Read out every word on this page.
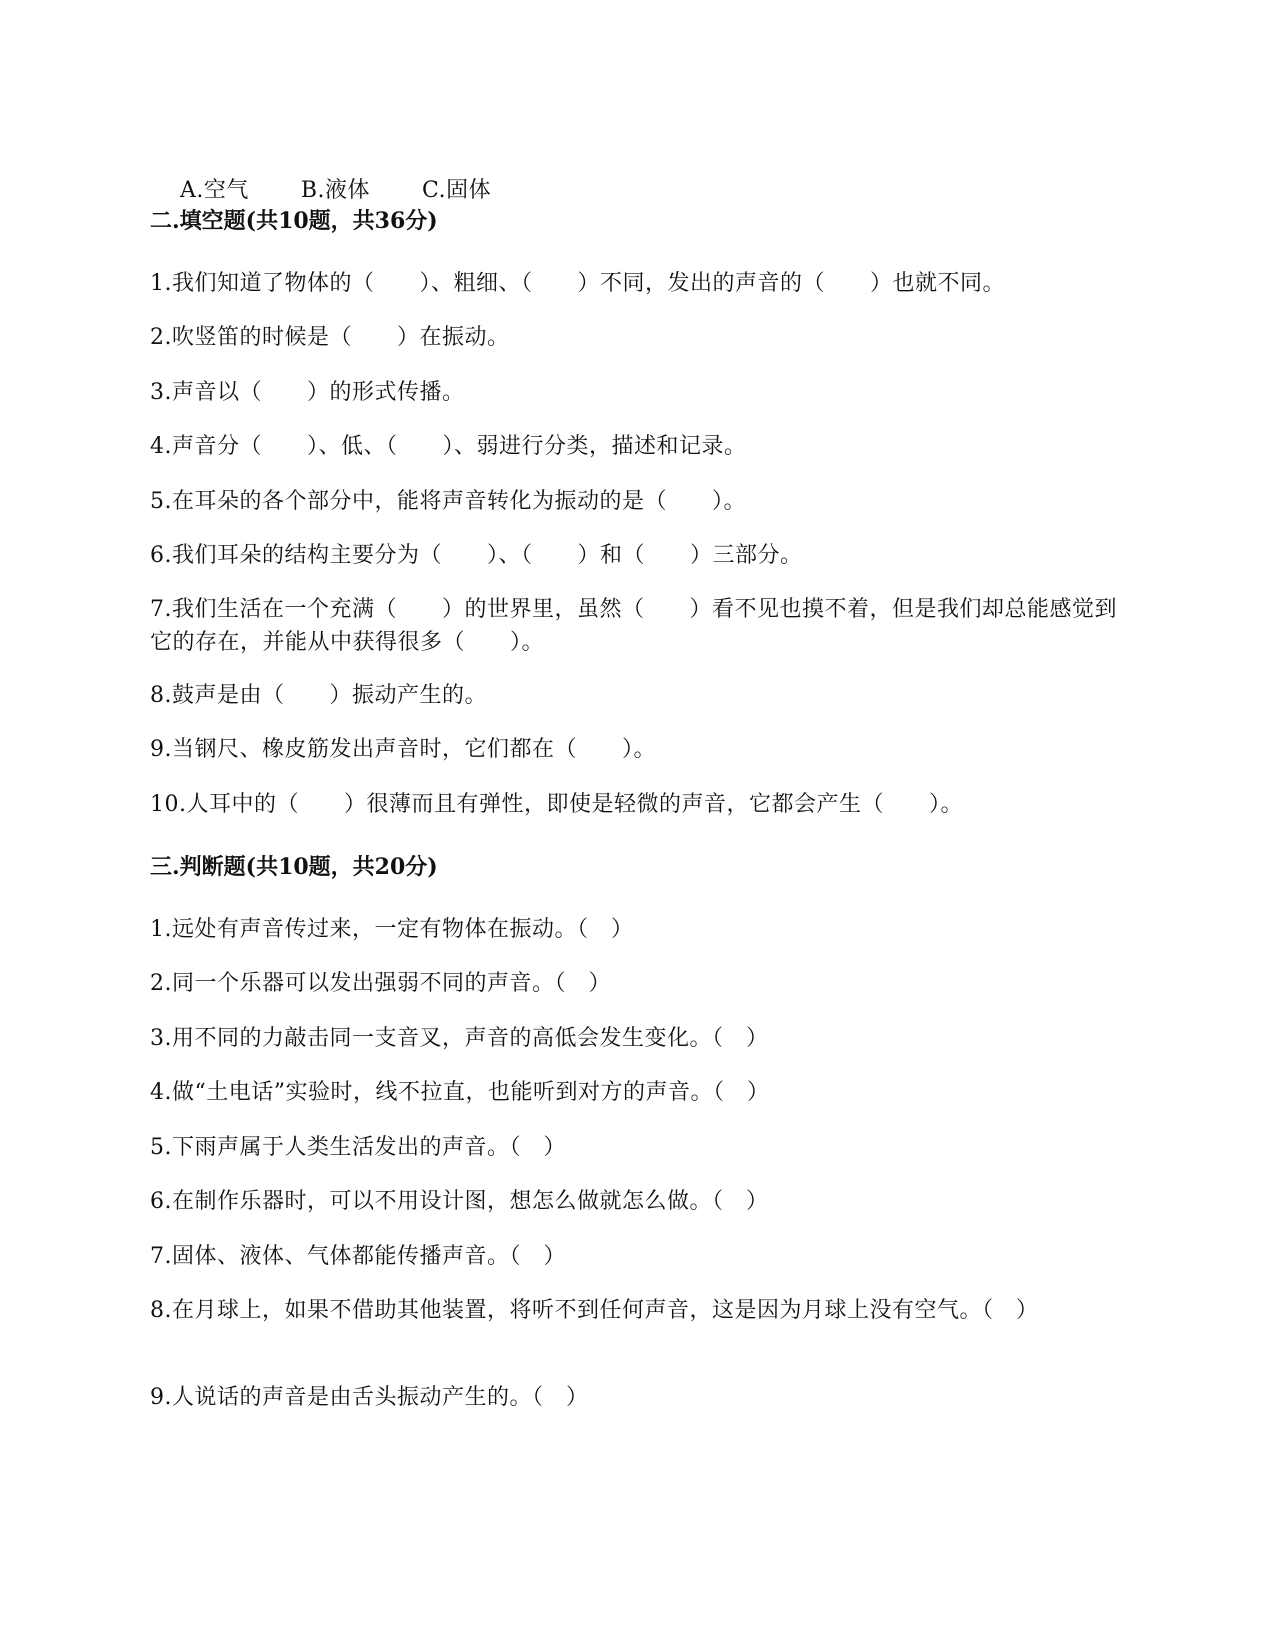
A.空气 B.液体 C.固体

二.填空题(共10题，共36分)
1.我们知道了物体的（　　）、粗细、（　　）不同，发出的声音的（　　）也就不同。
2.吹竖笛的时候是（　　）在振动。
3.声音以（　　）的形式传播。
4.声音分（　　）、低、（　　）、弱进行分类，描述和记录。
5.在耳朵的各个部分中，能将声音转化为振动的是（　　）。
6.我们耳朵的结构主要分为（　　）、（　　）和（　　）三部分。
7.我们生活在一个充满（　　）的世界里，虽然（　　）看不见也摸不着，但是我们却总能感觉到它的存在，并能从中获得很多（　　）。
8.鼓声是由（　　）振动产生的。
9.当钢尺、橡皮筋发出声音时，它们都在（　　）。
10.人耳中的（　　）很薄而且有弹性，即使是轻微的声音，它都会产生（　　）。
三.判断题(共10题，共20分)
1.远处有声音传过来，一定有物体在振动。（　）
2.同一个乐器可以发出强弱不同的声音。（　）
3.用不同的力敲击同一支音叉，声音的高低会发生变化。（　）
4.做“土电话”实验时，线不拉直，也能听到对方的声音。（　）
5.下雨声属于人类生活发出的声音。（　）
6.在制作乐器时，可以不用设计图，想怎么做就怎么做。（　）
7.固体、液体、气体都能传播声音。（　）
8.在月球上，如果不借助其他装置，将听不到任何声音，这是因为月球上没有空气。（　）
9.人说话的声音是由舌头振动产生的。（　）
